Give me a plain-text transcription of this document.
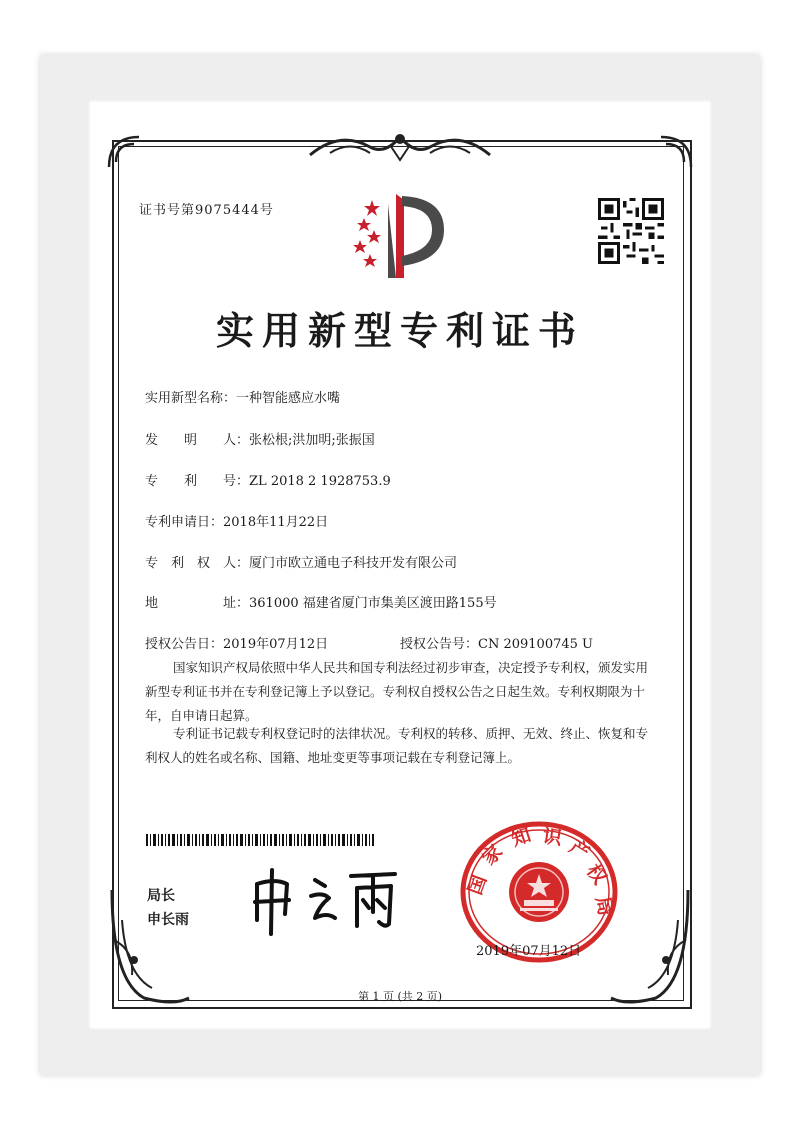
证书号第9075444号
实用新型专利证书
实用新型名称：一种智能感应水嘴
发　　明　　人：张松根;洪加明;张振国
专　　利　　号：ZL 2018 2 1928753.9
专利申请日：2018年11月22日
专　利　权　人：厦门市欧立通电子科技开发有限公司
地　　　　　址：361000 福建省厦门市集美区渡田路155号
授权公告日：2019年07月12日	授权公告号：CN 209100745 U
国家知识产权局依照中华人民共和国专利法经过初步审查，决定授予专利权，颁发实用
新型专利证书并在专利登记簿上予以登记。专利权自授权公告之日起生效。专利权期限为十
年，自申请日起算。
专利证书记载专利权登记时的法律状况。专利权的转移、质押、无效、终止、恢复和专
利权人的姓名或名称、国籍、地址变更等事项记载在专利登记簿上。
局长
申长雨
国
家
知 识 产
权
局
2019年07月12日
第 1 页 (共 2 页)
